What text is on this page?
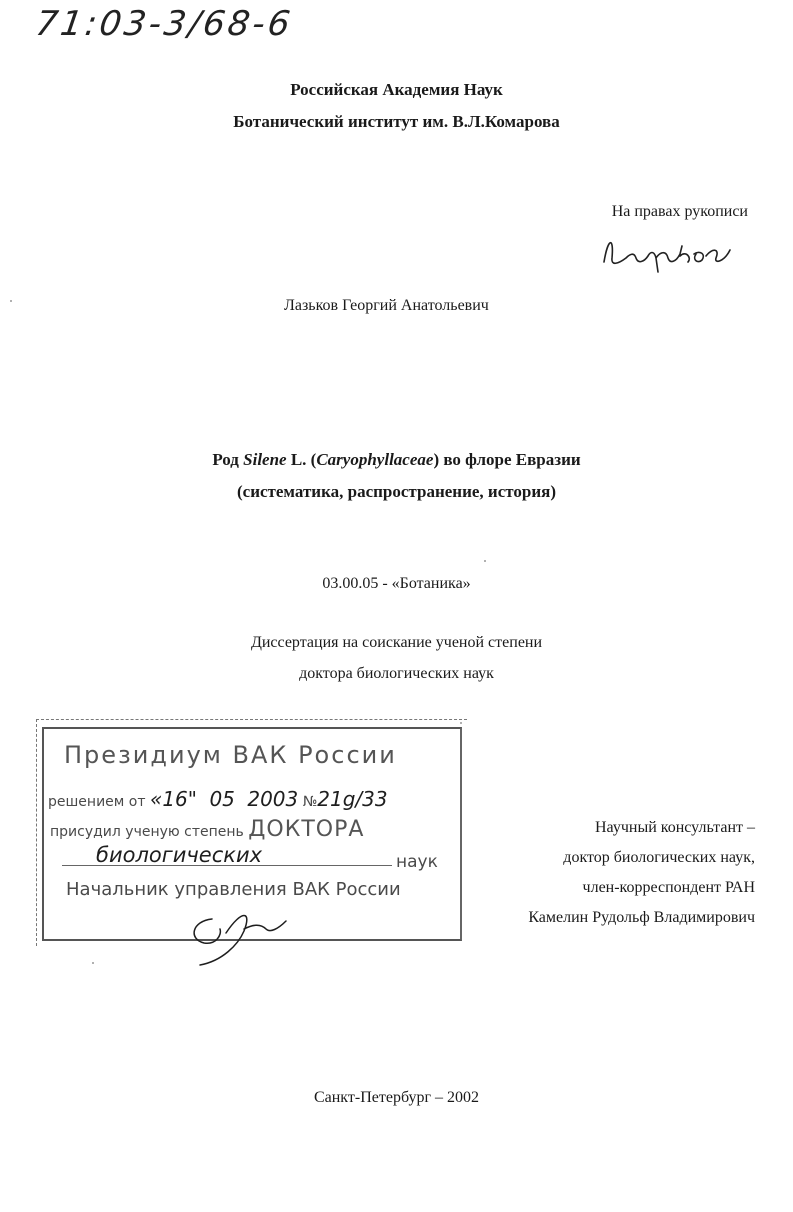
71:03-3/68-6
Российская Академия Наук
Ботанический институт им. В.Л.Комарова
На правах рукописи
Лазьков Георгий Анатольевич
Род Silene L. (Caryophyllaceae) во флоре Евразии
(систематика, распространение, история)
03.00.05 - «Ботаника»
Диссертация на соискание ученой степени
доктора биологических наук
Президиум ВАК России
решением от «16" 05 2003 №21g/33
присудил ученую степень ДОКТОРА
биологических	наук
Начальник управления ВАК России
Научный консультант –
доктор биологических наук,
член-корреспондент РАН
Камелин Рудольф Владимирович
Санкт-Петербург – 2002
